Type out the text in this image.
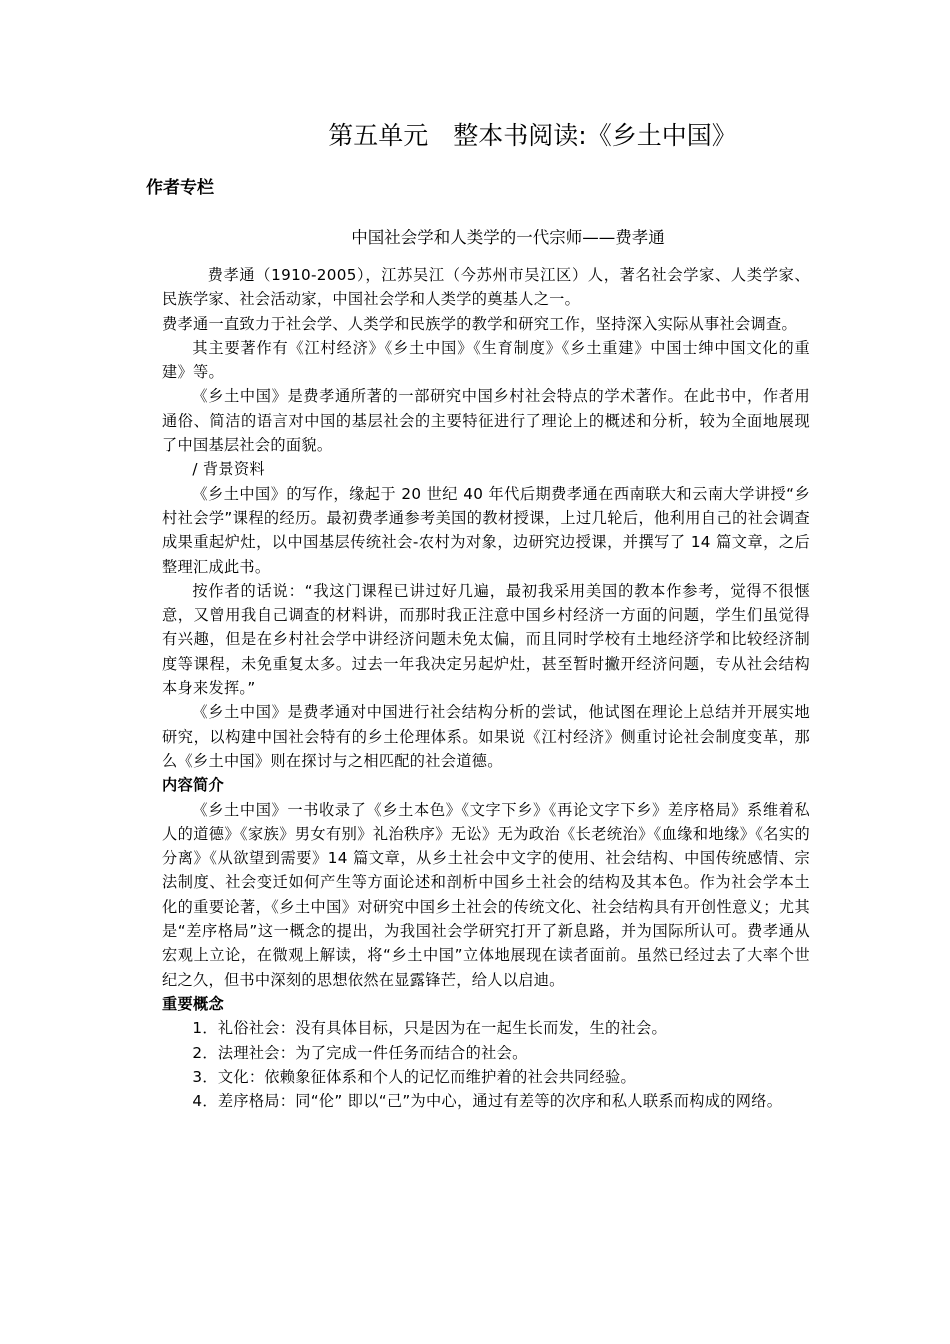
第五单元　整本书阅读:《乡土中国》
作者专栏
中国社会学和人类学的一代宗师——费孝通

费孝通（1910-2005），江苏吴江（今苏州市吴江区）人，著名社会学家、人类学家、民族学家、社会活动家，中国社会学和人类学的奠基人之一。

费孝通一直致力于社会学、人类学和民族学的教学和研究工作，坚持深入实际从事社会调查。

其主要著作有《江村经济》《乡土中国》《生育制度》《乡土重建》中国士绅中国文化的重建》等。

《乡土中国》是费孝通所著的一部研究中国乡村社会特点的学术著作。在此书中，作者用通俗、简洁的语言对中国的基层社会的主要特征进行了理论上的概述和分析，较为全面地展现了中国基层社会的面貌。

/ 背景资料

《乡土中国》的写作，缘起于 20 世纪 40 年代后期费孝通在西南联大和云南大学讲授“乡村社会学”课程的经历。最初费孝通参考美国的教材授课，上过几轮后，他利用自己的社会调查成果重起炉灶，以中国基层传统社会-农村为对象，边研究边授课，并撰写了 14 篇文章，之后整理汇成此书。

按作者的话说：“我这门课程已讲过好几遍，最初我采用美国的教本作参考，觉得不很惬意，又曾用我自己调查的材料讲，而那时我正注意中国乡村经济一方面的问题，学生们虽觉得有兴趣，但是在乡村社会学中讲经济问题未免太偏，而且同时学校有土地经济学和比较经济制度等课程，未免重复太多。过去一年我决定另起炉灶，甚至暂时撇开经济问题，专从社会结构本身来发挥。”

《乡土中国》是费孝通对中国进行社会结构分析的尝试，他试图在理论上总结并开展实地研究，以构建中国社会特有的乡土伦理体系。如果说《江村经济》侧重讨论社会制度变革，那么《乡土中国》则在探讨与之相匹配的社会道德。

内容简介

《乡土中国》一书收录了《乡土本色》《文字下乡》《再论文字下乡》差序格局》系维着私人的道德》《家族》男女有别》礼治秩序》无讼》无为政治《长老统治》《血缘和地缘》《名实的分离》《从欲望到需要》14 篇文章，从乡土社会中文字的使用、社会结构、中国传统感情、宗法制度、社会变迁如何产生等方面论述和剖析中国乡土社会的结构及其本色。作为社会学本土化的重要论著，《乡土中国》对研究中国乡土社会的传统文化、社会结构具有开创性意义；尤其是“差序格局”这一概念的提出，为我国社会学研究打开了新息路，并为国际所认可。费孝通从宏观上立论，在微观上解读，将“乡土中国”立体地展现在读者面前。虽然已经过去了大率个世纪之久，但书中深刻的思想依然在显露锋芒，给人以启迪。

重要概念

1．礼俗社会：没有具体目标，只是因为在一起生长而发，生的社会。

2．法理社会：为了完成一件任务而结合的社会。

3．文化：依赖象征体系和个人的记忆而维护着的社会共同经验。

4．差序格局：同“伦” 即以“己”为中心，通过有差等的次序和私人联系而构成的网络。
